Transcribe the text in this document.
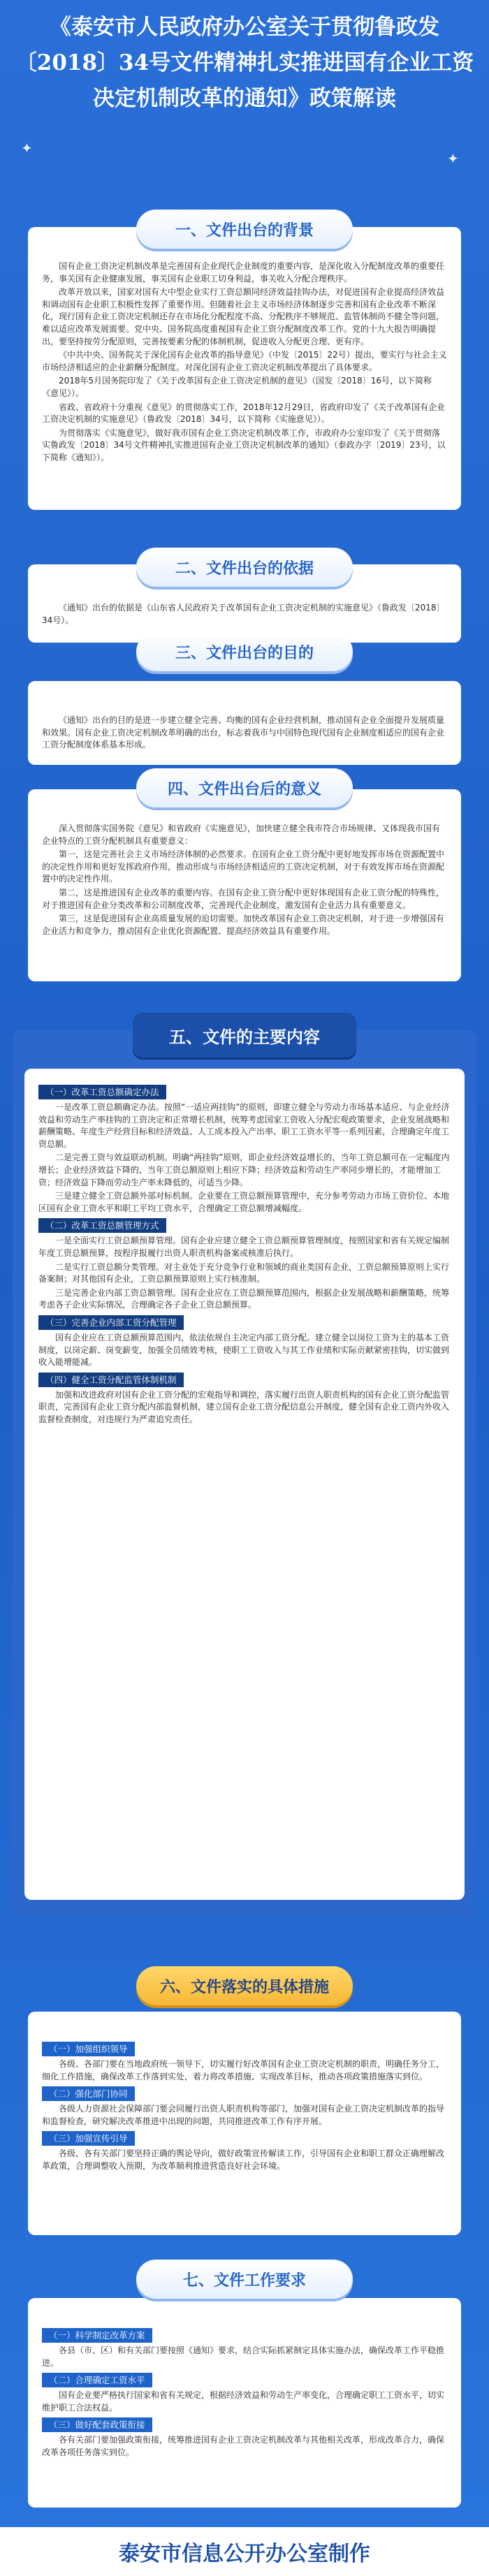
《泰安市人民政府办公室关于贯彻鲁政发
〔2018〕34号文件精神扎实推进国有企业工资
决定机制改革的通知》政策解读
✦
✦

国有企业工资决定机制改革是完善国有企业现代企业制度的重要内容，是深化收入分配制度改革的重要任务，事关国有企业健康发展，事关国有企业职工切身利益，事关收入分配合理秩序。

改革开放以来，国家对国有大中型企业实行工资总额同经济效益挂钩办法，对促进国有企业提高经济效益和调动国有企业职工积极性发挥了重要作用。但随着社会主义市场经济体制逐步完善和国有企业改革不断深化，现行国有企业工资决定机制还存在市场化分配程度不高、分配秩序不够规范、监管体制尚不健全等问题，难以适应改革发展需要。党中央、国务院高度重视国有企业工资分配制度改革工作。党的十九大报告明确提出，要坚持按劳分配原则，完善按要素分配的体制机制，促进收入分配更合理、更有序。

《中共中央、国务院关于深化国有企业改革的指导意见》（中发〔2015〕22号）提出，要实行与社会主义市场经济相适应的企业薪酬分配制度。对深化国有企业工资决定机制改革提出了具体要求。

2018年5月国务院印发了《关于改革国有企业工资决定机制的意见》（国发〔2018〕16号，以下简称《意见》）。

省政、省政府十分重视《意见》的贯彻落实工作，2018年12月29日，省政府印发了《关于改革国有企业工资决定机制的实施意见》（鲁政发〔2018〕34号，以下简称《实施意见》）。

为贯彻落实《实施意见》，做好我市国有企业工资决定机制改革工作，市政府办公室印发了《关于贯彻落实鲁政发〔2018〕34号文件精神扎实推进国有企业工资决定机制改革的通知》（泰政办字〔2019〕23号，以下简称《通知》）。

一、文件出台的背景

《通知》出台的依据是《山东省人民政府关于改革国有企业工资决定机制的实施意见》（鲁政发〔2018〕34号）。

二、文件出台的依据

《通知》出台的目的是进一步建立健全完善、均衡的国有企业经营机制，推动国有企业全面提升发展质量和效果。国有企业工资决定机制改革明确的出台，标志着我市与中国特色现代国有企业制度相适应的国有企业工资分配制度体系基本形成。

三、文件出台的目的

深入贯彻落实国务院《意见》和省政府《实施意见》，加快建立健全我市符合市场规律、又体现我市国有企业特点的工资分配机制具有重要意义：

第一，这是完善社会主义市场经济体制的必然要求。在国有企业工资分配中更好地发挥市场在资源配置中的决定性作用和更好发挥政府作用，推动形成与市场经济相适应的工资决定机制，对于有效发挥市场在资源配置中的决定性作用。

第二，这是推进国有企业改革的重要内容。在国有企业工资分配中更好体现国有企业工资分配的特殊性，对于推进国有企业分类改革和公司制度改革，完善现代企业制度，激发国有企业活力具有重要意义。

第三，这是促进国有企业高质量发展的迫切需要。加快改革国有企业工资决定机制，对于进一步增强国有企业活力和竞争力，推动国有企业优化资源配置、提高经济效益具有重要作用。

四、文件出台后的意义
（一）改革工资总额确定办法

一是改革工资总额确定办法。按照“一适应两挂钩”的原则，即建立健全与劳动力市场基本适应、与企业经济效益和劳动生产率挂钩的工资决定和正常增长机制，统筹考虑国家工资收入分配宏观政策要求，企业发展战略和薪酬策略、年度生产经营目标和经济效益、人工成本投入产出率、职工工资水平等一系列因素，合理确定年度工资总额。

二是完善工资与效益联动机制。明确“两挂钩”原则，即企业经济效益增长的，当年工资总额可在一定幅度内增长；企业经济效益下降的，当年工资总额原则上相应下降；经济效益和劳动生产率同步增长的，才能增加工资；经济效益下降而劳动生产率未降低的，可适当少降。

三是建立健全工资总额外部对标机制。企业要在工资总额预算管理中，充分参考劳动力市场工资价位、本地区国有企业工资水平和职工平均工资水平，合理确定工资总额增减幅度。

（二）改革工资总额管理方式

一是全面实行工资总额预算管理。国有企业应建立健全工资总额预算管理制度，按照国家和省有关规定编制年度工资总额预算，按程序报履行出资人职责机构备案或核准后执行。

二是实行工资总额分类管理。对主业处于充分竞争行业和领域的商业类国有企业，工资总额预算原则上实行备案制；对其他国有企业，工资总额预算原则上实行核准制。

三是完善企业内部工资总额管理。国有企业应在工资总额预算范围内，根据企业发展战略和薪酬策略，统筹考虑各子企业实际情况，合理确定各子企业工资总额预算。

（三）完善企业内部工资分配管理

国有企业应在工资总额预算范围内，依法依规自主决定内部工资分配。建立健全以岗位工资为主的基本工资制度，以岗定薪、岗变薪变，加强全员绩效考核，使职工工资收入与其工作业绩和实际贡献紧密挂钩，切实做到收入能增能减。

（四）健全工资分配监管体制机制

加强和改进政府对国有企业工资分配的宏观指导和调控，落实履行出资人职责机构的国有企业工资分配监管职责，完善国有企业工资分配内部监督机制，建立国有企业工资分配信息公开制度，健全国有企业工资内外收入监督检查制度，对违规行为严肃追究责任。

五、文件的主要内容
（一）加强组织领导

各级、各部门要在当地政府统一领导下，切实履行好改革国有企业工资决定机制的职责，明确任务分工，细化工作措施，确保改革工作落到实处，着力将改革措施、实现改革目标，推动各项政策措施落实到位。

（二）强化部门协同

各级人力资源社会保障部门要会同履行出资人职责机构等部门，加强对国有企业工资决定机制改革的指导和监督检查，研究解决改革推进中出现的问题，共同推进改革工作有序开展。

（三）加强宣传引导

各级、各有关部门要坚持正确的舆论导向，做好政策宣传解读工作，引导国有企业和职工群众正确理解改革政策，合理调整收入预期，为改革顺利推进营造良好社会环境。

六、文件落实的具体措施
（一）科学制定改革方案

各县（市、区）和有关部门要按照《通知》要求，结合实际抓紧制定具体实施办法，确保改革工作平稳推进。

（二）合理确定工资水平

国有企业要严格执行国家和省有关规定，根据经济效益和劳动生产率变化，合理确定职工工资水平，切实维护职工合法权益。

（三）做好配套政策衔接

各有关部门要加强政策衔接，统筹推进国有企业工资决定机制改革与其他相关改革，形成改革合力，确保改革各项任务落实到位。

七、文件工作要求
泰安市信息公开办公室制作
